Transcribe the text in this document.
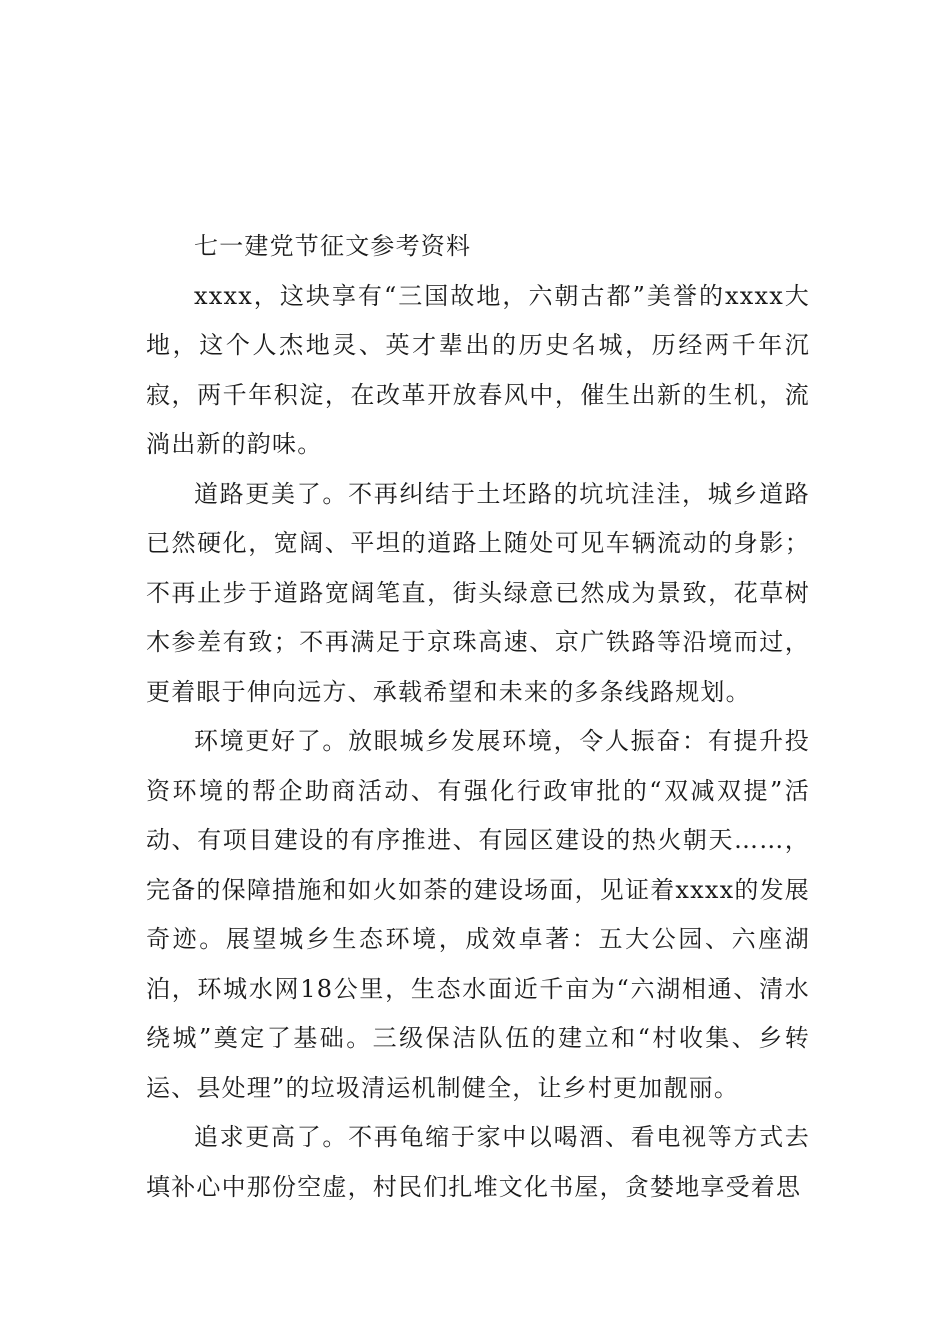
七一建党节征文参考资料

xxxx，这块享有“三国故地，六朝古都”美誉的xxxx大地，这个人杰地灵、英才辈出的历史名城，历经两千年沉寂，两千年积淀，在改革开放春风中，催生出新的生机，流淌出新的韵味。

道路更美了。不再纠结于土坯路的坑坑洼洼，城乡道路已然硬化，宽阔、平坦的道路上随处可见车辆流动的身影；不再止步于道路宽阔笔直，街头绿意已然成为景致，花草树木参差有致；不再满足于京珠高速、京广铁路等沿境而过，更着眼于伸向远方、承载希望和未来的多条线路规划。

环境更好了。放眼城乡发展环境，令人振奋：有提升投资环境的帮企助商活动、有强化行政审批的“双减双提”活动、有项目建设的有序推进、有园区建设的热火朝天……，完备的保障措施和如火如荼的建设场面，见证着xxxx的发展奇迹。展望城乡生态环境，成效卓著：五大公园、六座湖泊，环城水网18公里，生态水面近千亩为“六湖相通、清水绕城”奠定了基础。三级保洁队伍的建立和“村收集、乡转运、县处理”的垃圾清运机制健全，让乡村更加靓丽。

追求更高了。不再龟缩于家中以喝酒、看电视等方式去填补心中那份空虚，村民们扎堆文化书屋，贪婪地享受着思
